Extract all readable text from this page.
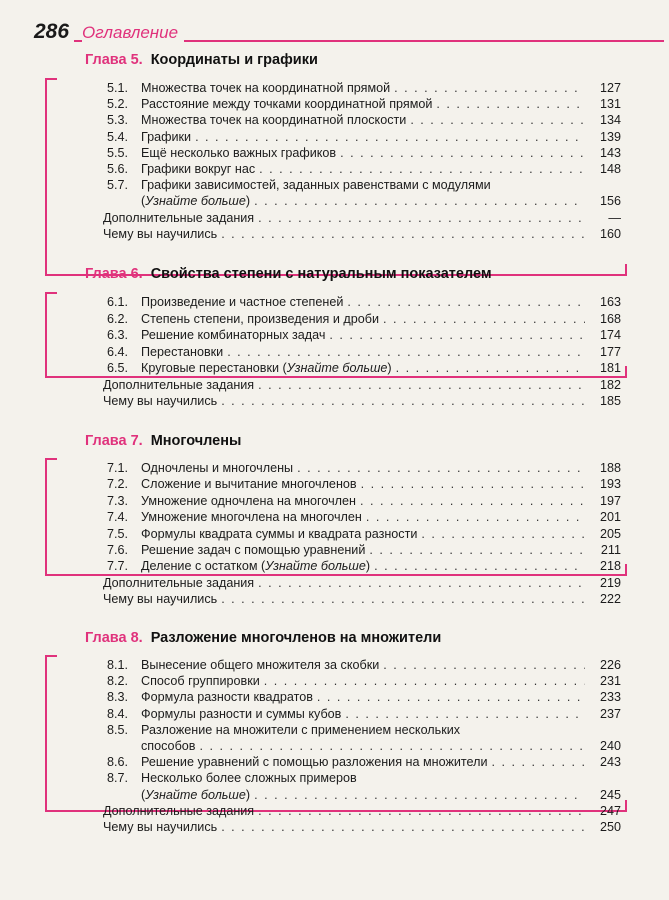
286 Оглавление
Глава 5. Координаты и графики
5.1.	Множества точек на координатной прямой . . .	127
5.2.	Расстояние между точками координатной прямой . . .	131
5.3.	Множества точек на координатной плоскости . . .	134
5.4.	Графики . . .	139
5.5.	Ещё несколько важных графиков . . .	143
5.6.	Графики вокруг нас . . .	148
5.7.	Графики зависимостей, заданных равенствами с модулями
(Узнайте больше) . . .	156
Дополнительные задания . . .	—
Чему вы научились . . .	160
Глава 6. Свойства степени с натуральным показателем
6.1.	Произведение и частное степеней . . .	163
6.2.	Степень степени, произведения и дроби . . .	168
6.3.	Решение комбинаторных задач . . .	174
6.4.	Перестановки . . .	177
6.5.	Круговые перестановки (Узнайте больше) . . .	181
Дополнительные задания . . .	182
Чему вы научились . . .	185
Глава 7. Многочлены
7.1.	Одночлены и многочлены . . .	188
7.2.	Сложение и вычитание многочленов . . .	193
7.3.	Умножение одночлена на многочлен . . .	197
7.4.	Умножение многочлена на многочлен . . .	201
7.5.	Формулы квадрата суммы и квадрата разности . . .	205
7.6.	Решение задач с помощью уравнений . . .	211
7.7.	Деление с остатком (Узнайте больше) . . .	218
Дополнительные задания . . .	219
Чему вы научились . . .	222
Глава 8. Разложение многочленов на множители
8.1.	Вынесение общего множителя за скобки . . .	226
8.2.	Способ группировки . . .	231
8.3.	Формула разности квадратов . . .	233
8.4.	Формулы разности и суммы кубов . . .	237
8.5.	Разложение на множители с применением нескольких
способов . . .	240
8.6.	Решение уравнений с помощью разложения на множители . . .	243
8.7.	Несколько более сложных примеров
(Узнайте больше) . . .	245
Дополнительные задания . . .	247
Чему вы научились . . .	250
